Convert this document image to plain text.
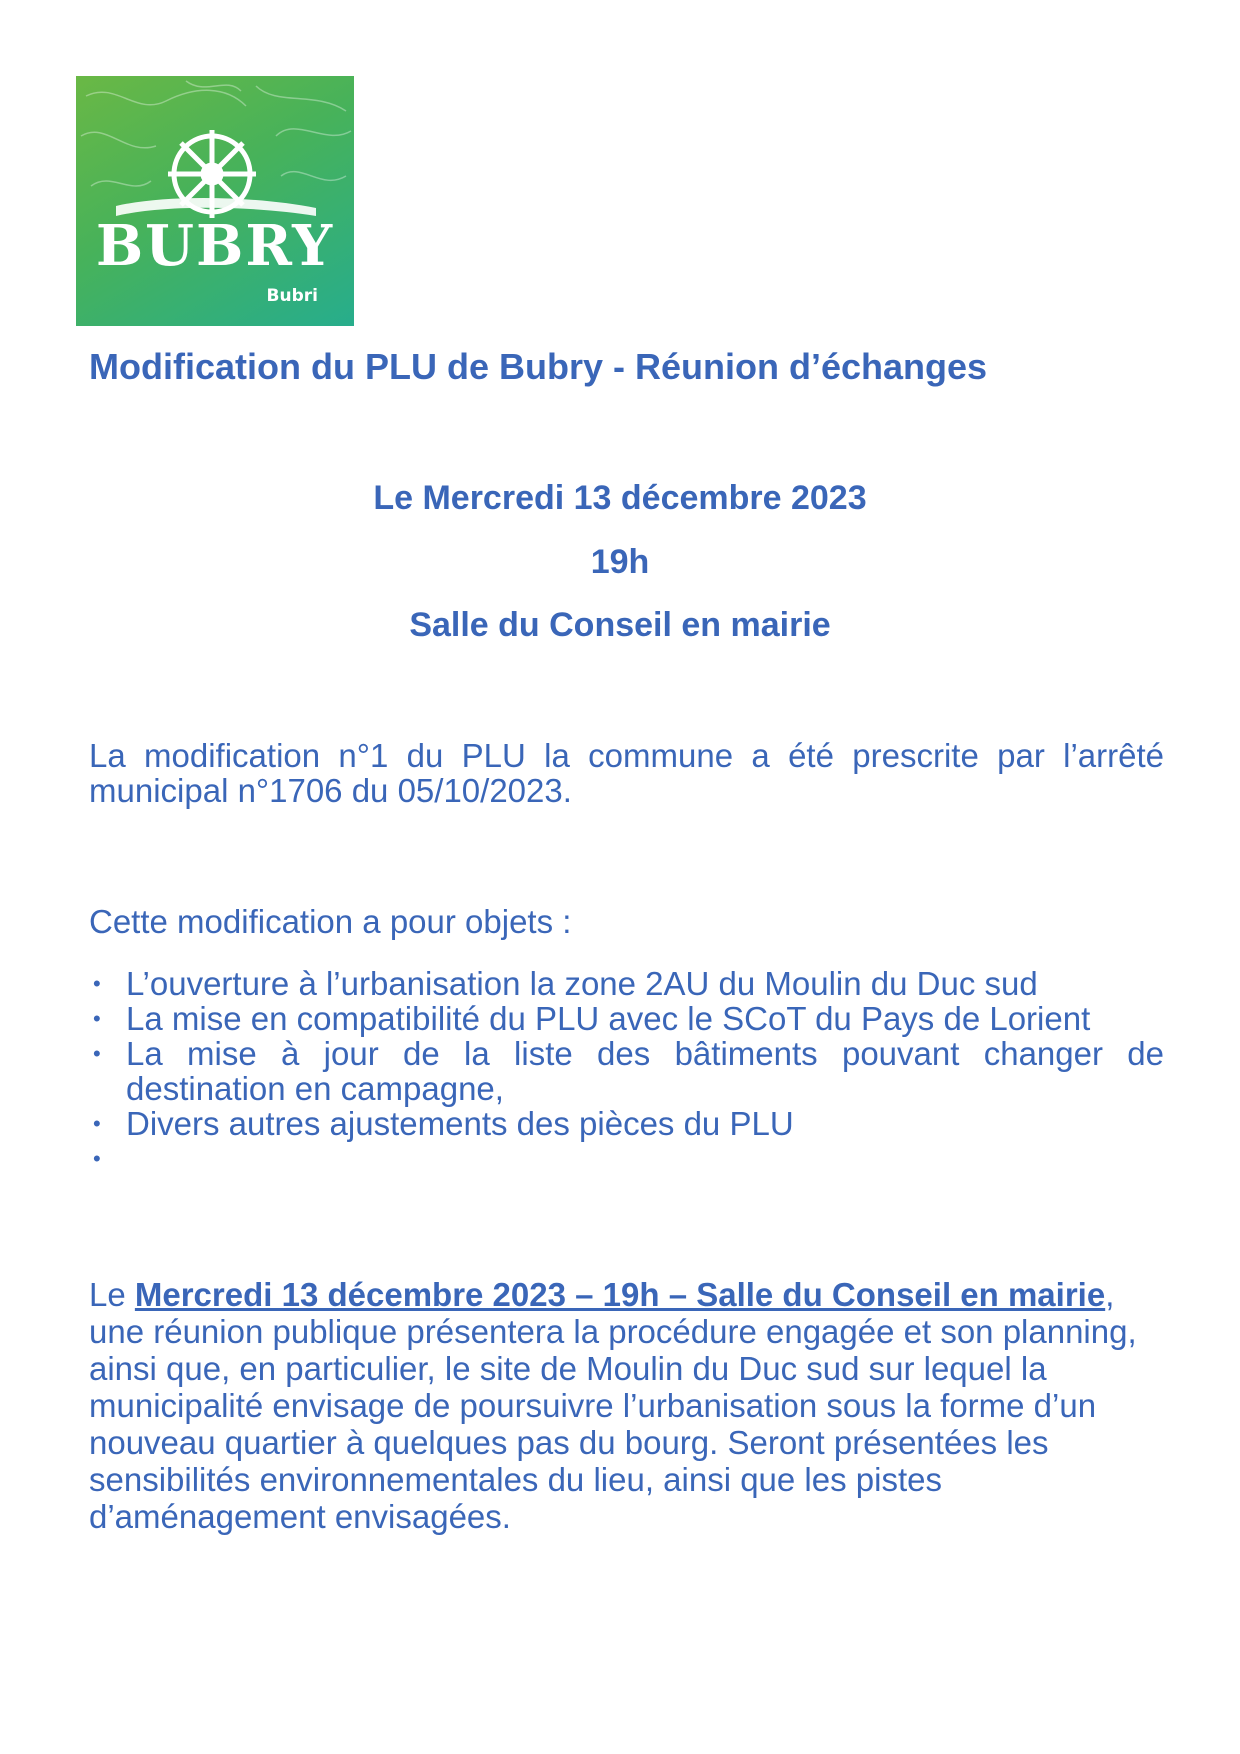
BUBRY
Bubri
Modification du PLU de Bubry - Réunion d’échanges

Le Mercredi 13 décembre 2023

19h

Salle du Conseil en mairie

La modification n°1 du PLU la commune a été prescrite par l’arrêté municipal n°1706 du 05/10/2023.

Cette modification a pour objets :

• L’ouverture à l’urbanisation la zone 2AU du Moulin du Duc sud
• La mise en compatibilité du PLU avec le SCoT du Pays de Lorient
• La mise à jour de la liste des bâtiments pouvant changer de destination en campagne,
• Divers autres ajustements des pièces du PLU
•

Le Mercredi 13 décembre 2023 – 19h – Salle du Conseil en mairie, une réunion publique présentera la procédure engagée et son planning, ainsi que, en particulier, le site de Moulin du Duc sud sur lequel la municipalité envisage de poursuivre l’urbanisation sous la forme d’un nouveau quartier à quelques pas du bourg. Seront présentées les sensibilités environnementales du lieu, ainsi que les pistes d’aménagement envisagées.
